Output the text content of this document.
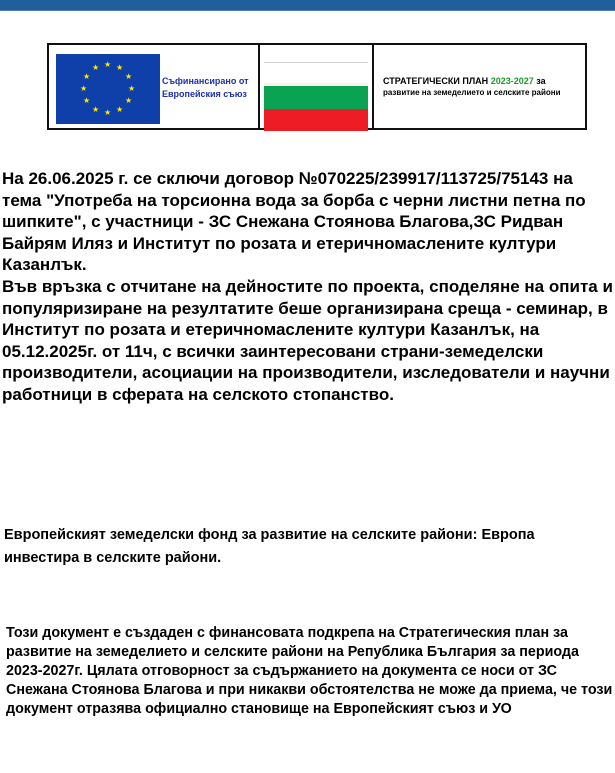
★ ★
★
★
★
★
★
★
★
★
★
★
Съфинансирано от
Европейския съюз
СТРАТЕГИЧЕСКИ ПЛАН 2023-2027 за
развитие на земеделието и селските райони
На 26.06.2025 г. се сключи договор №070225/239917/113725/75143 на тема "Употреба на торсионна вода за борба с черни листни петна по шипките", с участници - ЗС Снежана Стоянова Благова,ЗС Ридван Байрям Иляз и Институт по розата и етеричномаслените култури Казанлък.
Във връзка с отчитане на дейностите по проекта, споделяне на опита и популяризиране на резултатите беше организирана среща - семинар, в Институт по розата и етеричномаслените култури Казанлък, на 05.12.2025г. от 11ч, с всички заинтересовани страни-земеделски производители, асоциации на производители, изследователи и научни работници в сферата на селското стопанство.
Европейският земеделски фонд за развитие на селските райони: Европа инвестира в селските райони.
Този документ е създаден с финансовата подкрепа на Стратегическия план за развитие на земеделието и селските райони на Република България за периода 2023-2027г. Цялата отговорност за съдържанието на документа се носи от ЗС Снежана Стоянова Благова и при никакви обстоятелства не може да приема, че този документ отразява официално становище на Европейският съюз и УО
